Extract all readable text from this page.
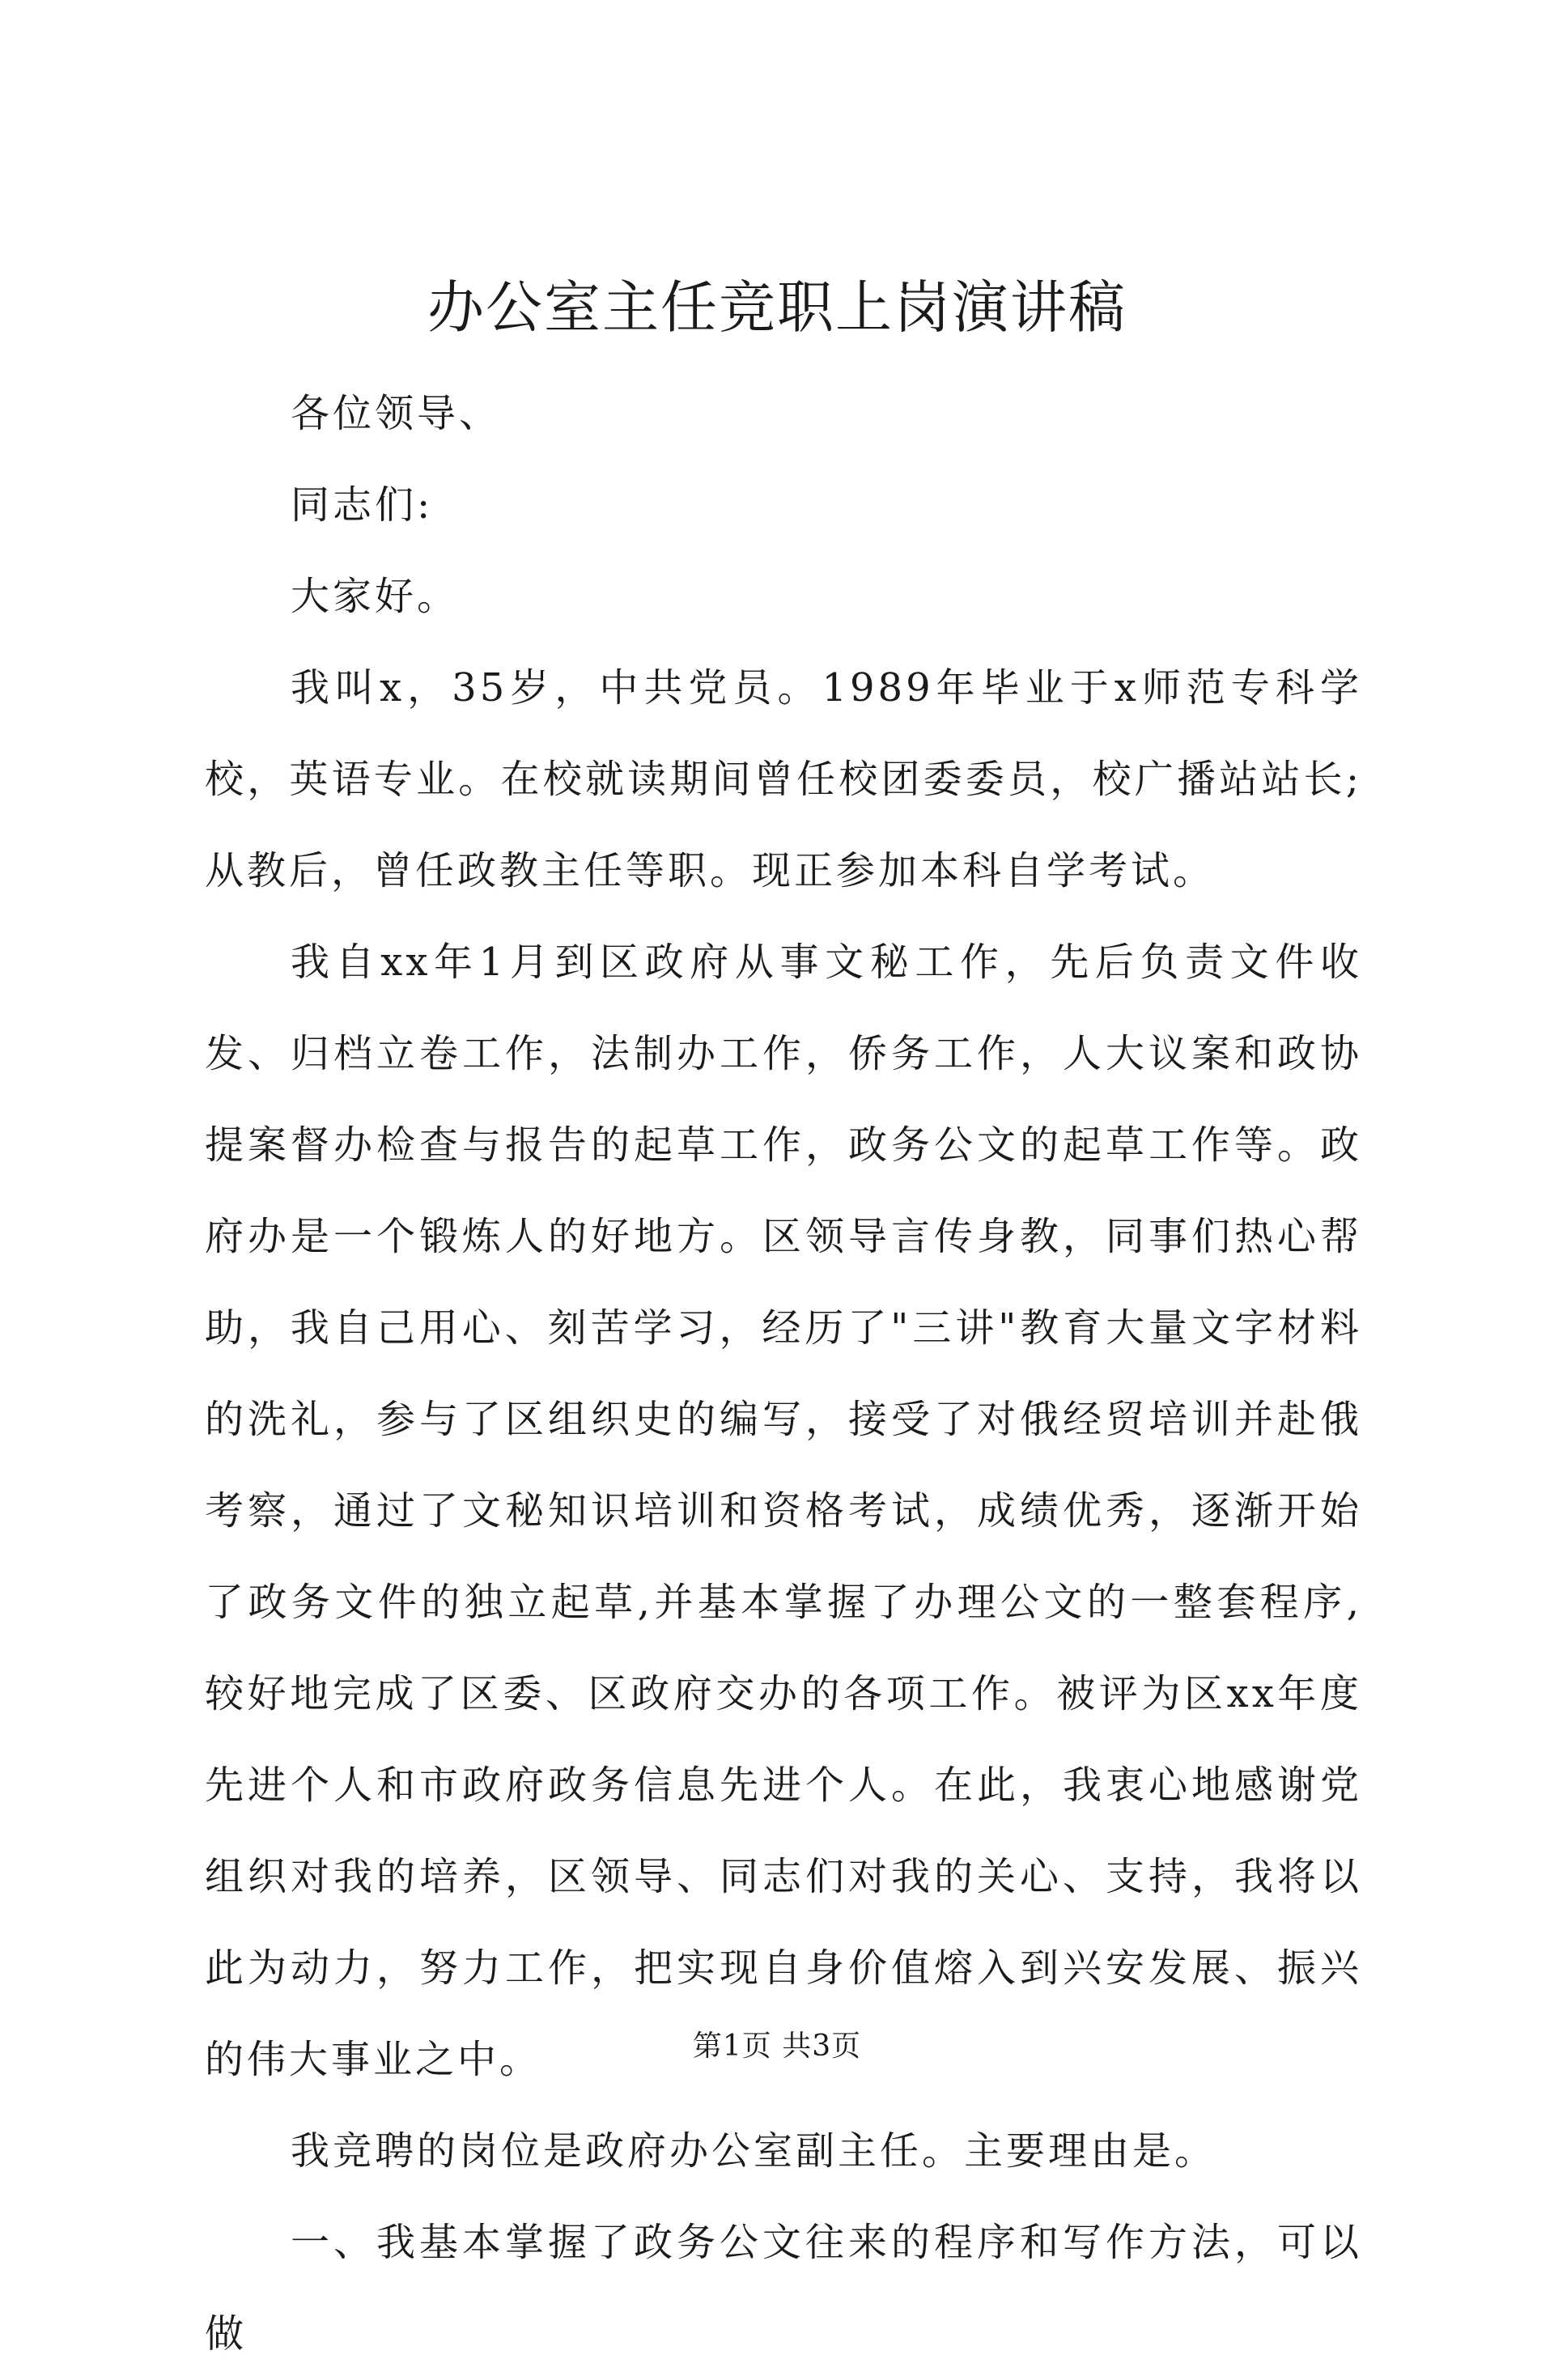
办公室主任竞职上岗演讲稿

各位领导、

同志们:

大家好。

我叫x，35岁，中共党员。1989年毕业于x师范专科学校，英语专业。在校就读期间曾任校团委委员，校广播站站长;从教后，曾任政教主任等职。现正参加本科自学考试。

我自xx年1月到区政府从事文秘工作，先后负责文件收发、归档立卷工作，法制办工作，侨务工作，人大议案和政协提案督办检查与报告的起草工作，政务公文的起草工作等。政府办是一个锻炼人的好地方。区领导言传身教，同事们热心帮助，我自己用心、刻苦学习，经历了"三讲"教育大量文字材料的洗礼，参与了区组织史的编写，接受了对俄经贸培训并赴俄考察，通过了文秘知识培训和资格考试，成绩优秀，逐渐开始了政务文件的独立起草,并基本掌握了办理公文的一整套程序,较好地完成了区委、区政府交办的各项工作。被评为区xx年度先进个人和市政府政务信息先进个人。在此，我衷心地感谢党组织对我的培养，区领导、同志们对我的关心、支持，我将以此为动力，努力工作，把实现自身价值熔入到兴安发展、振兴的伟大事业之中。

我竞聘的岗位是政府办公室副主任。主要理由是。

一、我基本掌握了政务公文往来的程序和写作方法，可以做

第1页 共3页
